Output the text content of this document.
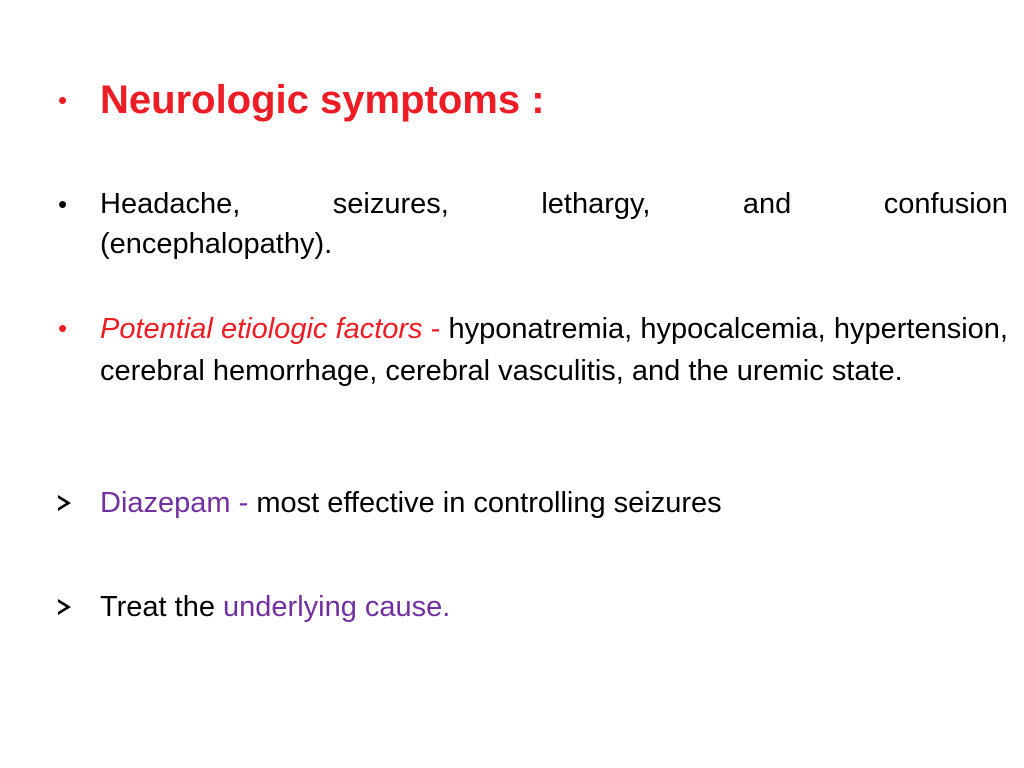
• Neurologic symptoms :
•	Headache,	seizures,	lethargy,	and	confusion
(encephalopathy).
•	Potential etiologic factors - hyponatremia, hypocalcemia, hypertension, cerebral hemorrhage, cerebral vasculitis, and the uremic state.
Diazepam - most effective in controlling seizures
Treat the underlying cause.
